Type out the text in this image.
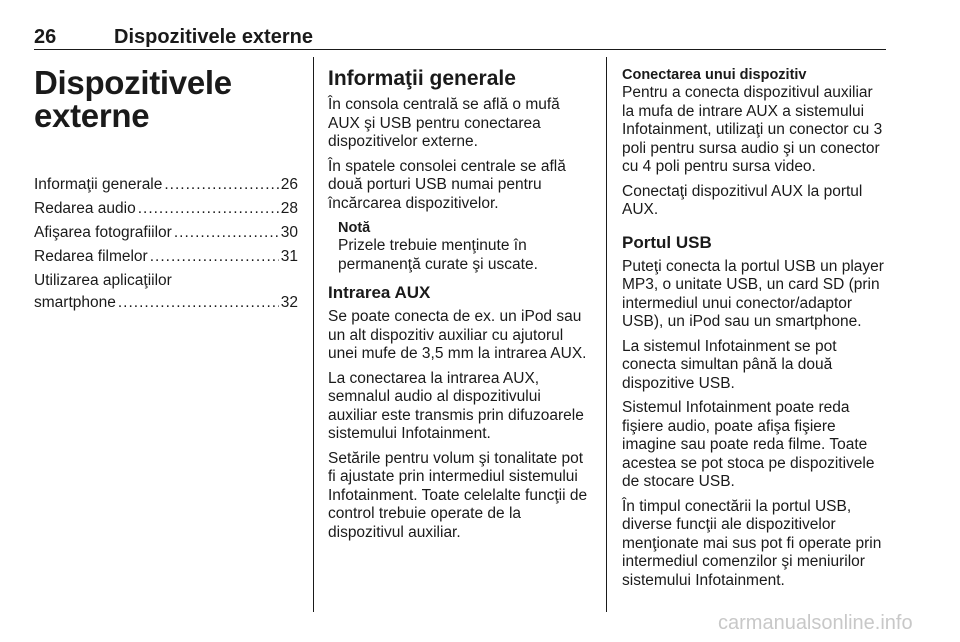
26	Dispozitivele externe
Dispozitivele externe
Informaţii generale .....	26
Redarea audio .....	28
Afişarea fotografiilor .....	30
Redarea filmelor .....	31
Utilizarea aplicaţiilor
smartphone .....	32
Informaţii generale

În consola centrală se află o mufă AUX şi USB pentru conectarea dispozitivelor externe.

În spatele consolei centrale se află două porturi USB numai pentru încărcarea dispozitivelor.

Notă
Prizele trebuie menţinute în permanenţă curate şi uscate.
Intrarea AUX

Se poate conecta de ex. un iPod sau un alt dispozitiv auxiliar cu ajutorul unei mufe de 3,5 mm la intrarea AUX.

La conectarea la intrarea AUX, semnalul audio al dispozitivului auxiliar este transmis prin difuzoarele sistemului Infotainment.

Setările pentru volum şi tonalitate pot fi ajustate prin intermediul sistemului Infotainment. Toate celelalte funcţii de control trebuie operate de la dispozitivul auxiliar.

Conectarea unui dispozitiv

Pentru a conecta dispozitivul auxiliar la mufa de intrare AUX a sistemului Infotainment, utilizaţi un conector cu 3 poli pentru sursa audio şi un conector cu 4 poli pentru sursa video.

Conectaţi dispozitivul AUX la portul AUX.

Portul USB

Puteţi conecta la portul USB un player MP3, o unitate USB, un card SD (prin intermediul unui conector/adaptor USB), un iPod sau un smartphone.

La sistemul Infotainment se pot conecta simultan până la două dispozitive USB.

Sistemul Infotainment poate reda fişiere audio, poate afişa fişiere imagine sau poate reda filme. Toate acestea se pot stoca pe dispozitivele de stocare USB.

În timpul conectării la portul USB, diverse funcţii ale dispozitivelor menţionate mai sus pot fi operate prin intermediul comenzilor şi meniurilor sistemului Infotainment.

carmanualsonline.info
